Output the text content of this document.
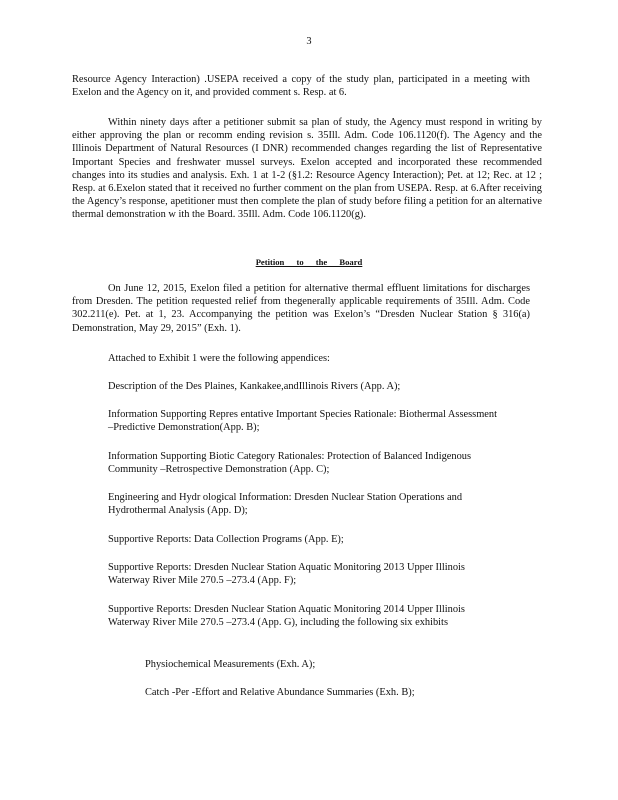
3

Resource Agency Interaction) .USEPA received a copy of the study plan, participated in a meeting with Exelon and the Agency on it, and provided comment s. Resp. at 6.

Within ninety days after a petitioner submit sa plan of study, the Agency must respond in writing by either approving the plan or recomm ending revision s. 35Ill. Adm. Code 106.1120(f). The Agency and the Illinois Department of Natural Resources (I DNR) recommended changes regarding the list of Representative Important Species and freshwater mussel surveys. Exelon accepted and incorporated these recommended changes into its studies and analysis. Exh. 1 at 1-2 (§1.2: Resource Agency Interaction); Pet. at 12; Rec. at 12 ; Resp. at 6.Exelon stated that it received no further comment on the plan from USEPA. Resp. at 6.After receiving the Agency’s response, apetitioner must then complete the plan of study before filing a petition for an alternative thermal demonstration w ith the Board. 35Ill. Adm. Code 106.1120(g).

Petition to the Board

On June 12, 2015, Exelon filed a petition for alternative thermal effluent limitations for discharges from Dresden. The petition requested relief from thegenerally applicable requirements of 35Ill. Adm. Code 302.211(e). Pet. at 1, 23. Accompanying the petition was Exelon’s “Dresden Nuclear Station § 316(a) Demonstration, May 29, 2015” (Exh. 1).

Attached to Exhibit 1 were the following appendices:

Description of the Des Plaines, Kankakee,andIllinois Rivers (App. A);

Information Supporting Repres entative Important Species Rationale: Biothermal Assessment –Predictive Demonstration(App. B);

Information Supporting Biotic Category Rationales: Protection of Balanced Indigenous Community –Retrospective Demonstration (App. C);

Engineering and Hydr ological Information: Dresden Nuclear Station Operations and Hydrothermal Analysis (App. D);

Supportive Reports: Data Collection Programs (App. E);

Supportive Reports: Dresden Nuclear Station Aquatic Monitoring 2013 Upper Illinois Waterway River Mile 270.5 –273.4 (App. F);

Supportive Reports: Dresden Nuclear Station Aquatic Monitoring 2014 Upper Illinois Waterway River Mile 270.5 –273.4 (App. G), including the following six exhibits

Physiochemical Measurements (Exh. A);

Catch -Per -Effort and Relative Abundance Summaries (Exh. B);
